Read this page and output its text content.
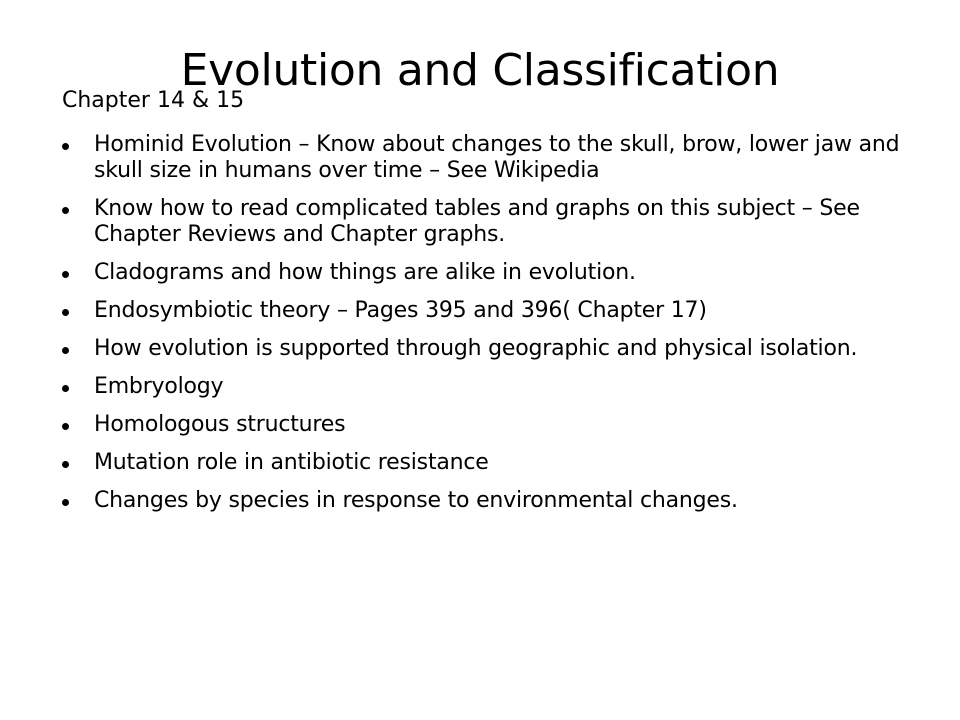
Evolution and Classification
Chapter 14 & 15
Hominid Evolution – Know about changes to the skull, brow, lower jaw and skull size in humans over time – See Wikipedia
Know how to read complicated tables and graphs on this subject – See Chapter Reviews and Chapter graphs.
Cladograms and how things are alike in evolution.
Endosymbiotic theory – Pages 395 and 396( Chapter 17)
How evolution is supported through geographic and physical isolation.
Embryology
Homologous structures
Mutation role in antibiotic resistance
Changes by species in response to environmental changes.
